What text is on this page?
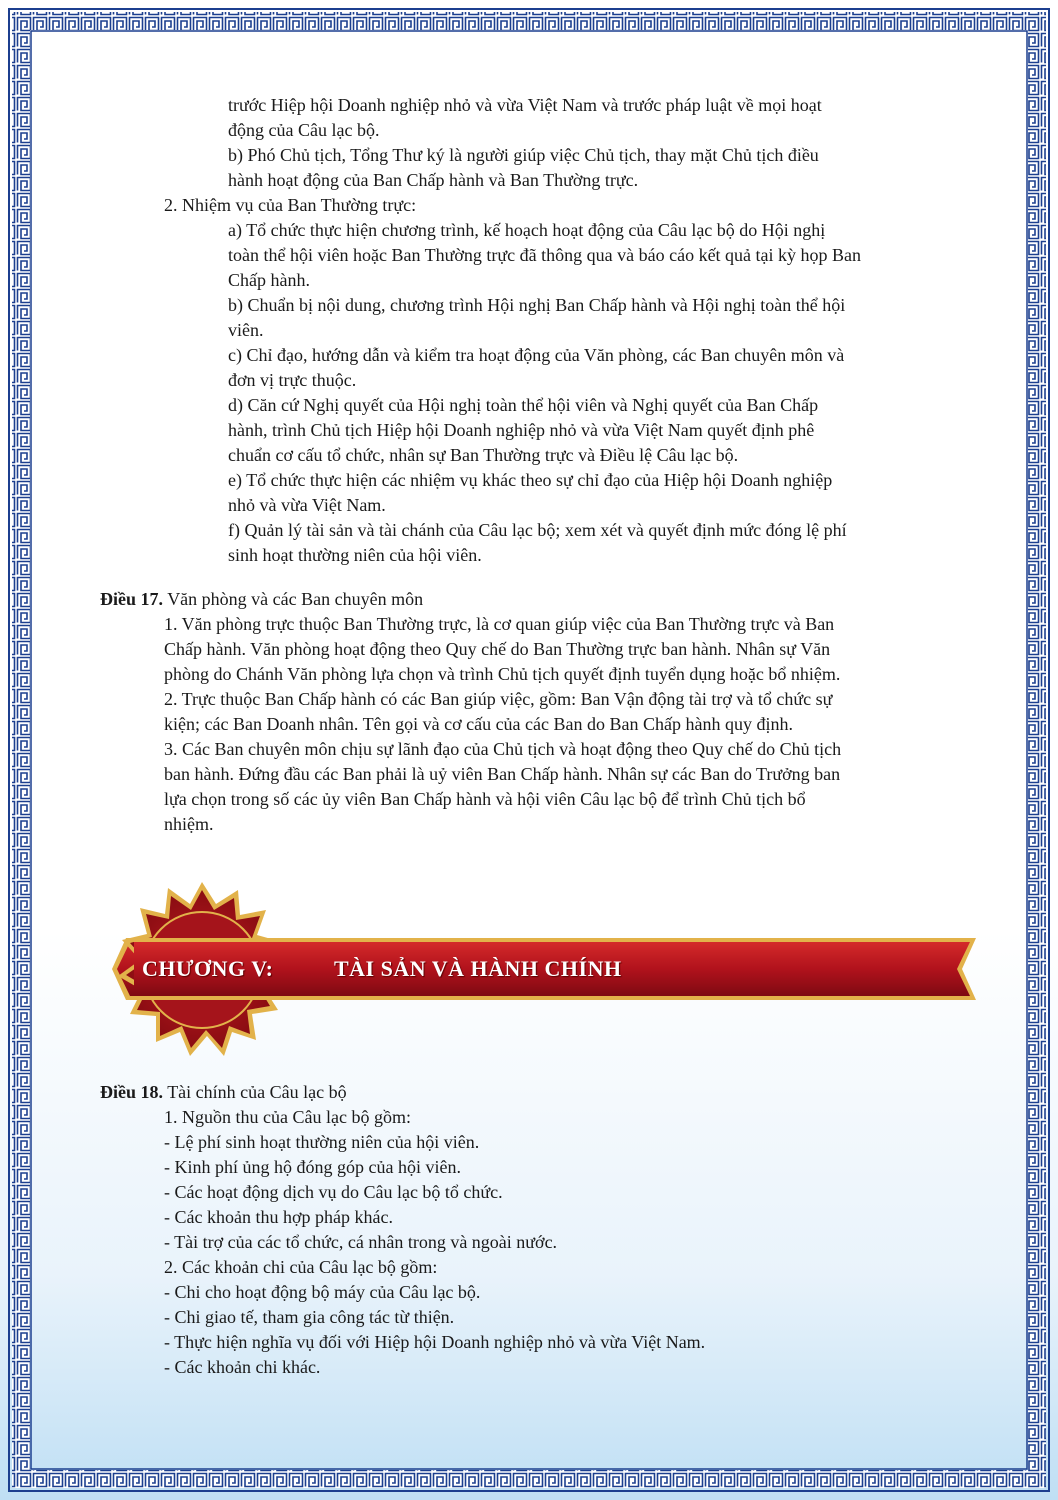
trước Hiệp hội Doanh nghiệp nhỏ và vừa Việt Nam và trước pháp luật về mọi hoạt

động của Câu lạc bộ.

b) Phó Chủ tịch, Tổng Thư ký là người giúp việc Chủ tịch, thay mặt Chủ tịch điều

hành hoạt động của Ban Chấp hành và Ban Thường trực.

2. Nhiệm vụ của Ban Thường trực:

a) Tổ chức thực hiện chương trình, kế hoạch hoạt động của Câu lạc bộ do Hội nghị

toàn thể hội viên hoặc Ban Thường trực đã thông qua và báo cáo kết quả tại kỳ họp Ban

Chấp hành.

b) Chuẩn bị nội dung, chương trình Hội nghị Ban Chấp hành và Hội nghị toàn thể hội

viên.

c) Chỉ đạo, hướng dẫn và kiểm tra hoạt động của Văn phòng, các Ban chuyên môn và

đơn vị trực thuộc.

d) Căn cứ Nghị quyết của Hội nghị toàn thể hội viên và Nghị quyết của Ban Chấp

hành, trình Chủ tịch Hiệp hội Doanh nghiệp nhỏ và vừa Việt Nam quyết định phê

chuẩn cơ cấu tổ chức, nhân sự Ban Thường trực và Điều lệ Câu lạc bộ.

e) Tổ chức thực hiện các nhiệm vụ khác theo sự chỉ đạo của Hiệp hội Doanh nghiệp

nhỏ và vừa Việt Nam.

f) Quản lý tài sản và tài chánh của Câu lạc bộ; xem xét và quyết định mức đóng lệ phí

sinh hoạt thường niên của hội viên.

Điều 17. Văn phòng và các Ban chuyên môn

1. Văn phòng trực thuộc Ban Thường trực, là cơ quan giúp việc của Ban Thường trực và Ban

Chấp hành. Văn phòng hoạt động theo Quy chế do Ban Thường trực ban hành. Nhân sự Văn

phòng do Chánh Văn phòng lựa chọn và trình Chủ tịch quyết định tuyển dụng hoặc bổ nhiệm.

2. Trực thuộc Ban Chấp hành có các Ban giúp việc, gồm: Ban Vận động tài trợ và tổ chức sự

kiện; các Ban Doanh nhân. Tên gọi và cơ cấu của các Ban do Ban Chấp hành quy định.

3. Các Ban chuyên môn chịu sự lãnh đạo của Chủ tịch và hoạt động theo Quy chế do Chủ tịch

ban hành. Đứng đầu các Ban phải là uỷ viên Ban Chấp hành. Nhân sự các Ban do Trưởng ban

lựa chọn trong số các ủy viên Ban Chấp hành và hội viên Câu lạc bộ để trình Chủ tịch bổ

nhiệm.

CHƯƠNG V:	TÀI SẢN VÀ HÀNH CHÍNH

Điều 18. Tài chính của Câu lạc bộ

1. Nguồn thu của Câu lạc bộ gồm:

- Lệ phí sinh hoạt thường niên của hội viên.

- Kinh phí ủng hộ đóng góp của hội viên.

- Các hoạt động dịch vụ do Câu lạc bộ tổ chức.

- Các khoản thu hợp pháp khác.

- Tài trợ của các tổ chức, cá nhân trong và ngoài nước.

2. Các khoản chi của Câu lạc bộ gồm:

- Chi cho hoạt động bộ máy của Câu lạc bộ.

- Chi giao tế, tham gia công tác từ thiện.

- Thực hiện nghĩa vụ đối với Hiệp hội Doanh nghiệp nhỏ và vừa Việt Nam.

- Các khoản chi khác.
